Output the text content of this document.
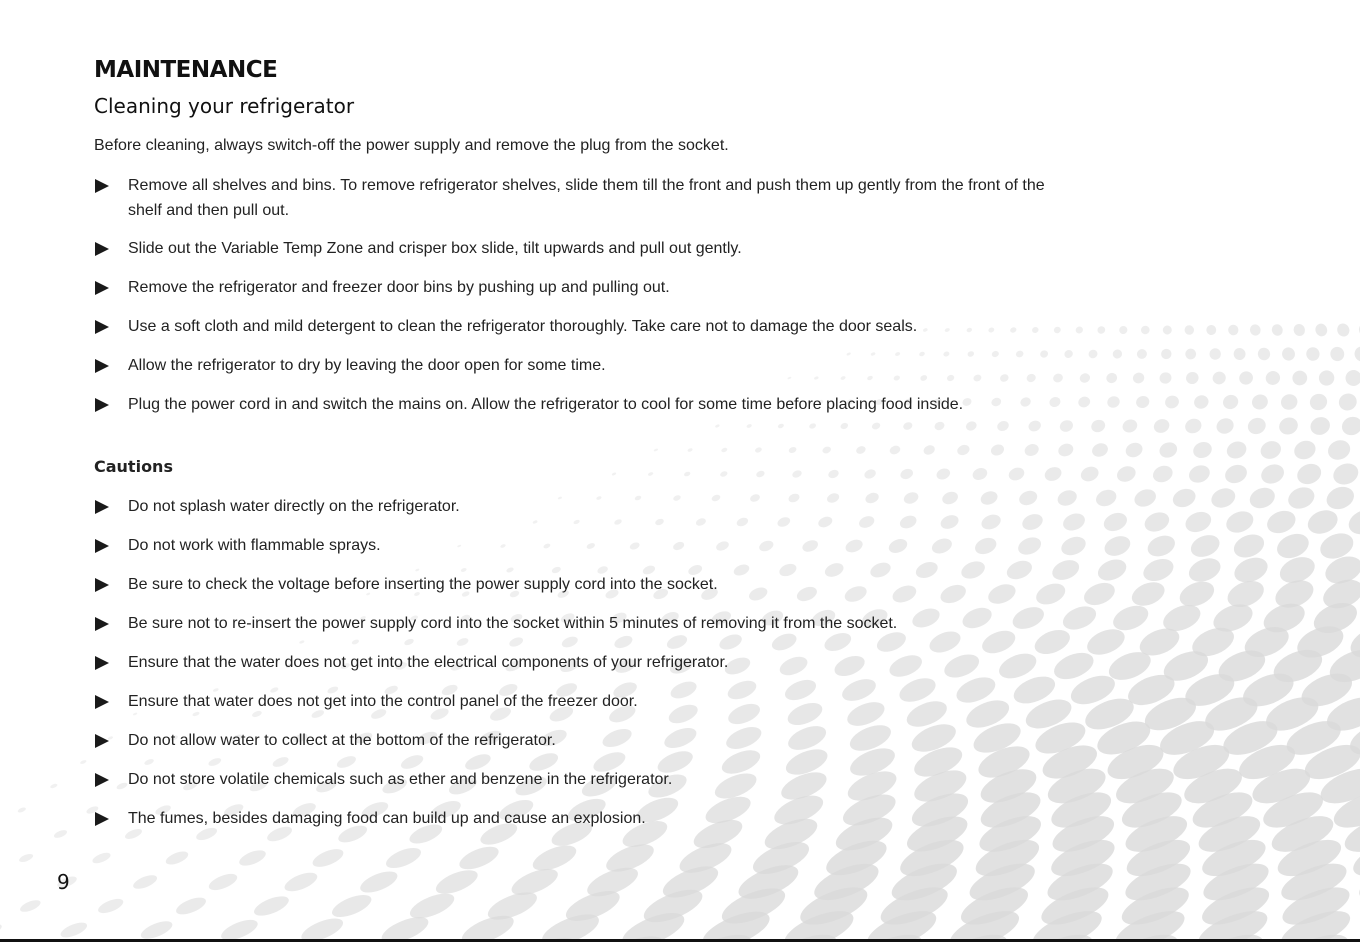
MAINTENANCE
Cleaning your refrigerator

Before cleaning, always switch-off the power supply and remove the plug from the socket.

Remove all shelves and bins. To remove refrigerator shelves, slide them till the front and push them up gently from the front of the shelf and then pull out.
Slide out the Variable Temp Zone and crisper box slide, tilt upwards and pull out gently.
Remove the refrigerator and freezer door bins by pushing up and pulling out.
Use a soft cloth and mild detergent to clean the refrigerator thoroughly. Take care not to damage the door seals.
Allow the refrigerator to dry by leaving the door open for some time.
Plug the power cord in and switch the mains on. Allow the refrigerator to cool for some time before placing food inside.
Cautions
Do not splash water directly on the refrigerator.
Do not work with flammable sprays.
Be sure to check the voltage before inserting the power supply cord into the socket.
Be sure not to re-insert the power supply cord into the socket within 5 minutes of removing it from the socket.
Ensure that the water does not get into the electrical components of your refrigerator.
Ensure that water does not get into the control panel of the freezer door.
Do not allow water to collect at the bottom of the refrigerator.
Do not store volatile chemicals such as ether and benzene in the refrigerator.
The fumes, besides damaging food can build up and cause an explosion.
9
